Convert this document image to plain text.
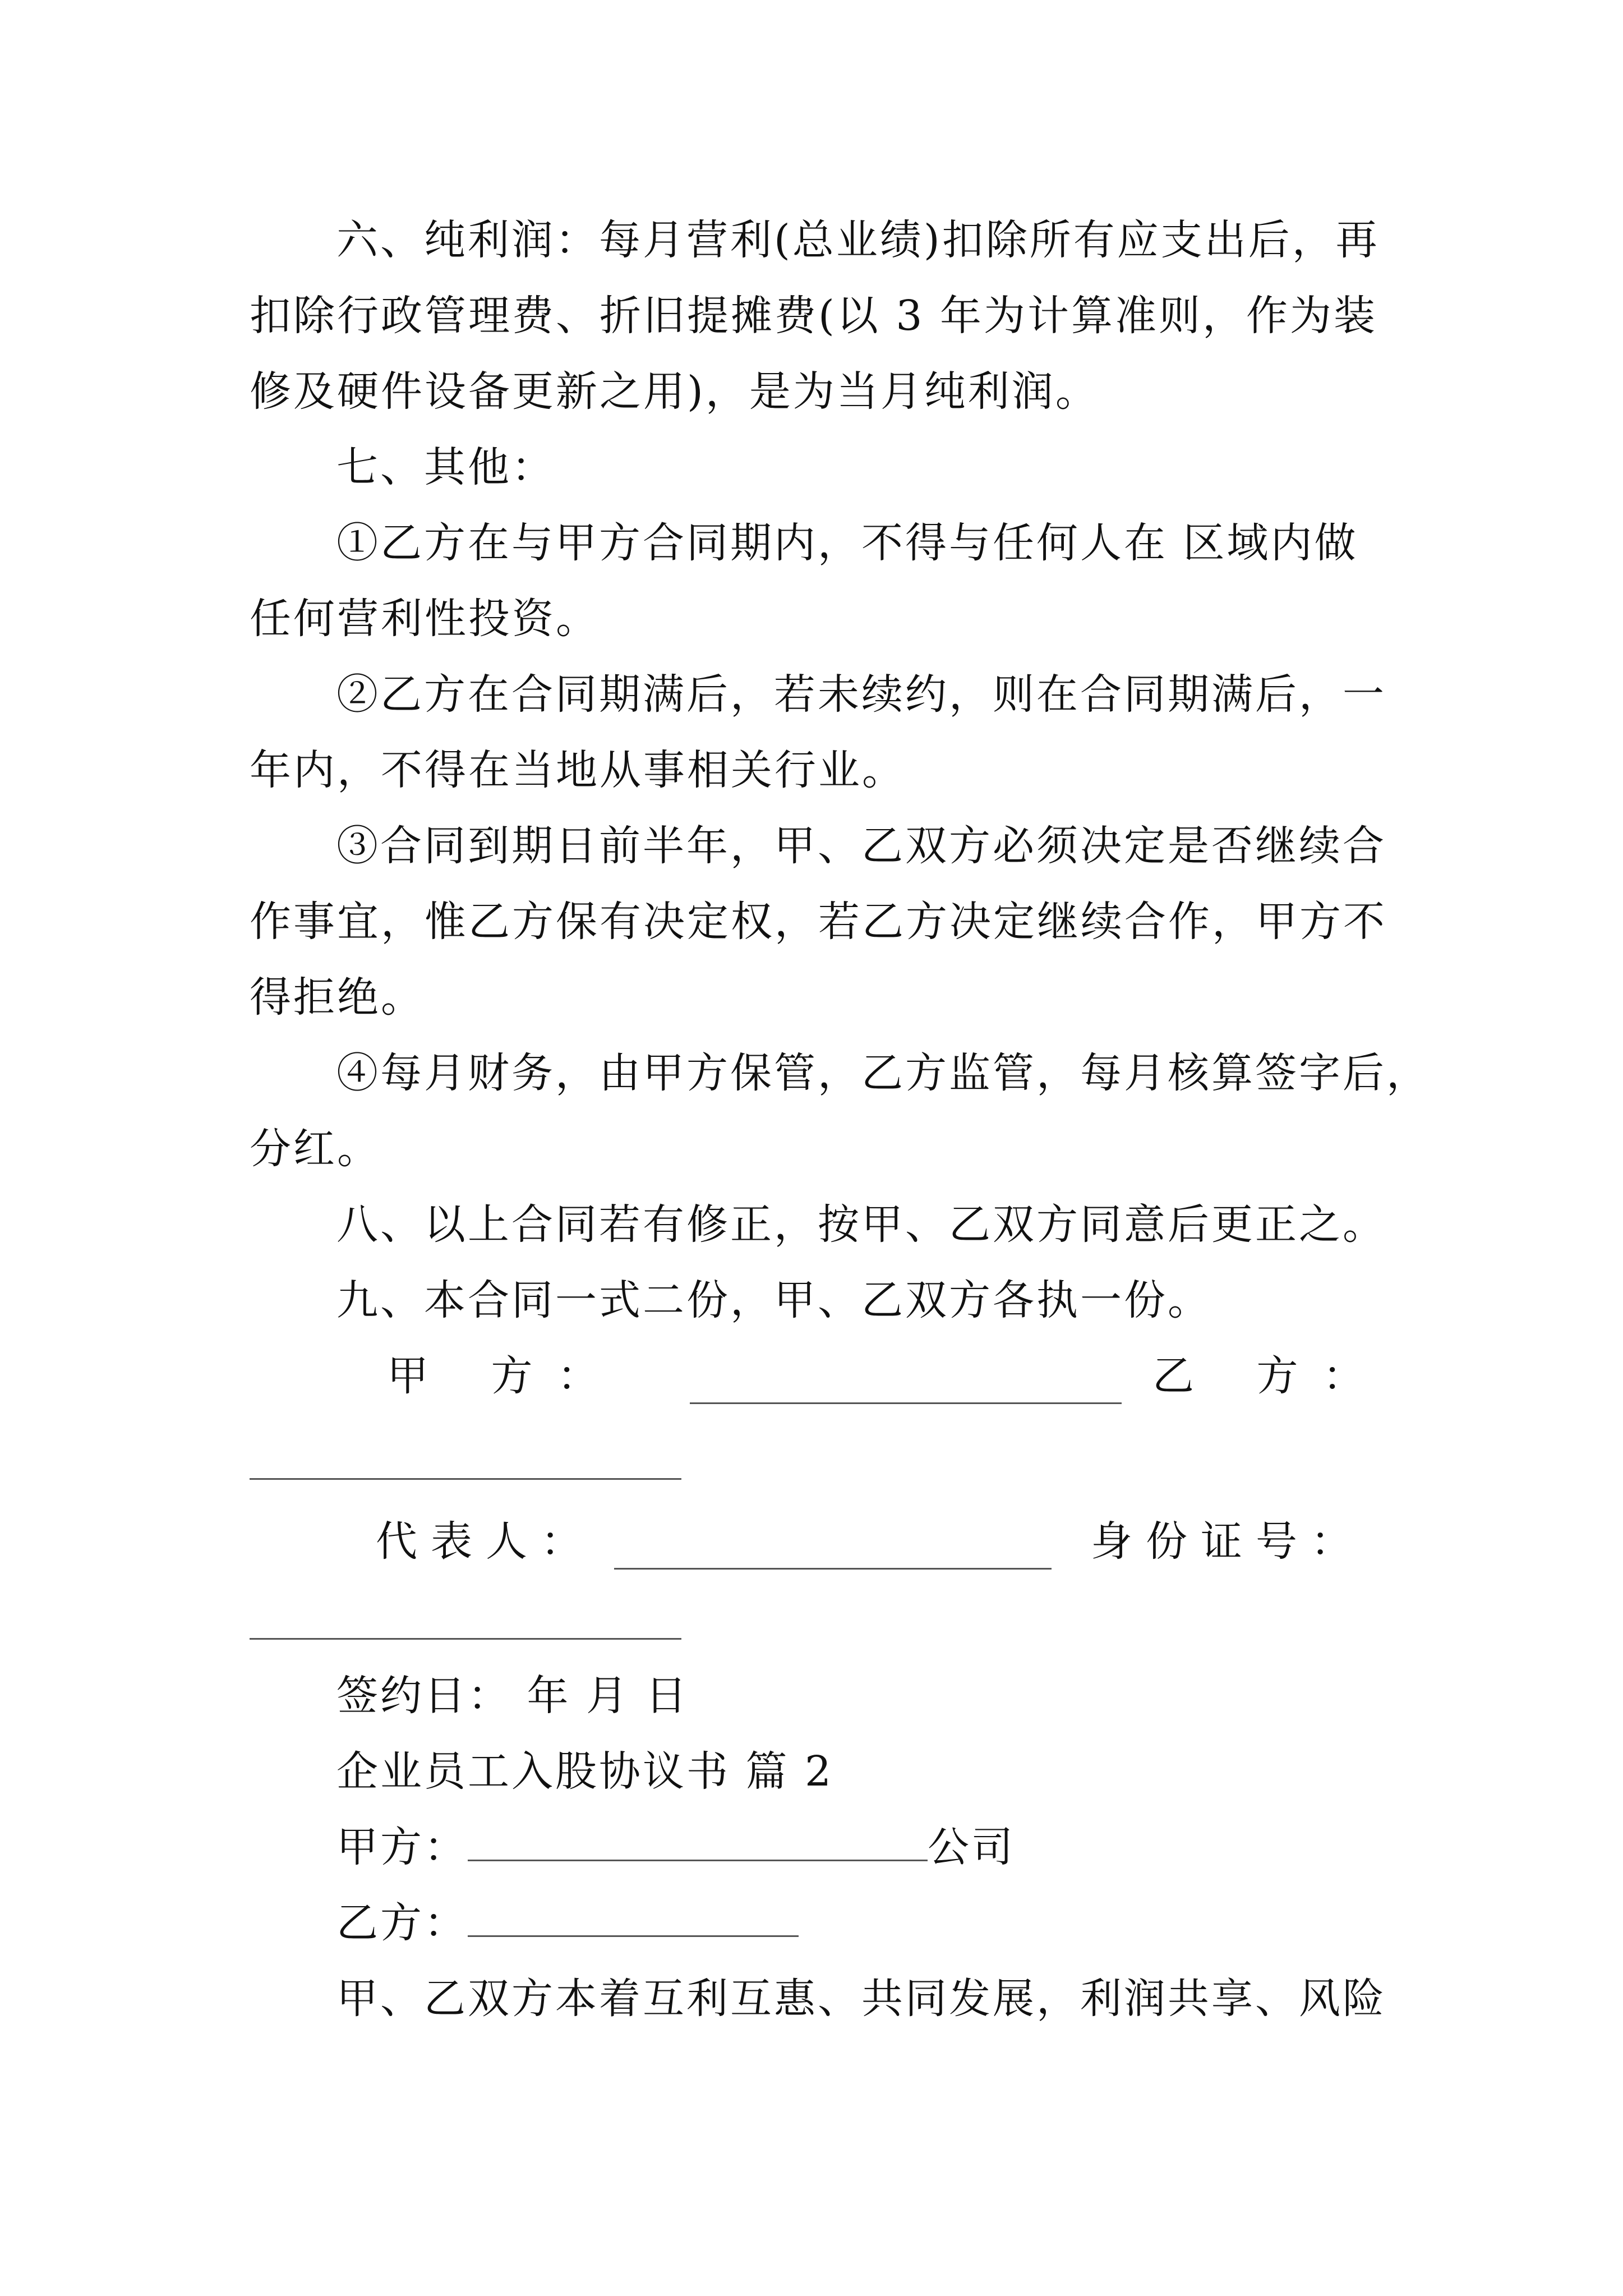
六、纯利润：每月营利(总业绩)扣除所有应支出后，再
扣除行政管理费、折旧提摊费(以 3 年为计算准则，作为装
修及硬件设备更新之用)，是为当月纯利润。
七、其他：
①乙方在与甲方合同期内，不得与任何人在 区域内做
任何营利性投资。
②乙方在合同期满后，若未续约，则在合同期满后，一
年内，不得在当地从事相关行业。
③合同到期日前半年，甲、乙双方必须决定是否继续合
作事宜，惟乙方保有决定权，若乙方决定继续合作，甲方不
得拒绝。
④每月财务，由甲方保管，乙方监管，每月核算签字后，
分红。
八、以上合同若有修正，按甲、乙双方同意后更正之。
九、本合同一式二份，甲、乙双方各执一份。
甲 方：	乙 方：
代表人：	身份证号：
签约日： 年 月 日
企业员工入股协议书 篇 2
甲方：	公司
乙方：
甲、乙双方本着互利互惠、共同发展，利润共享、风险
